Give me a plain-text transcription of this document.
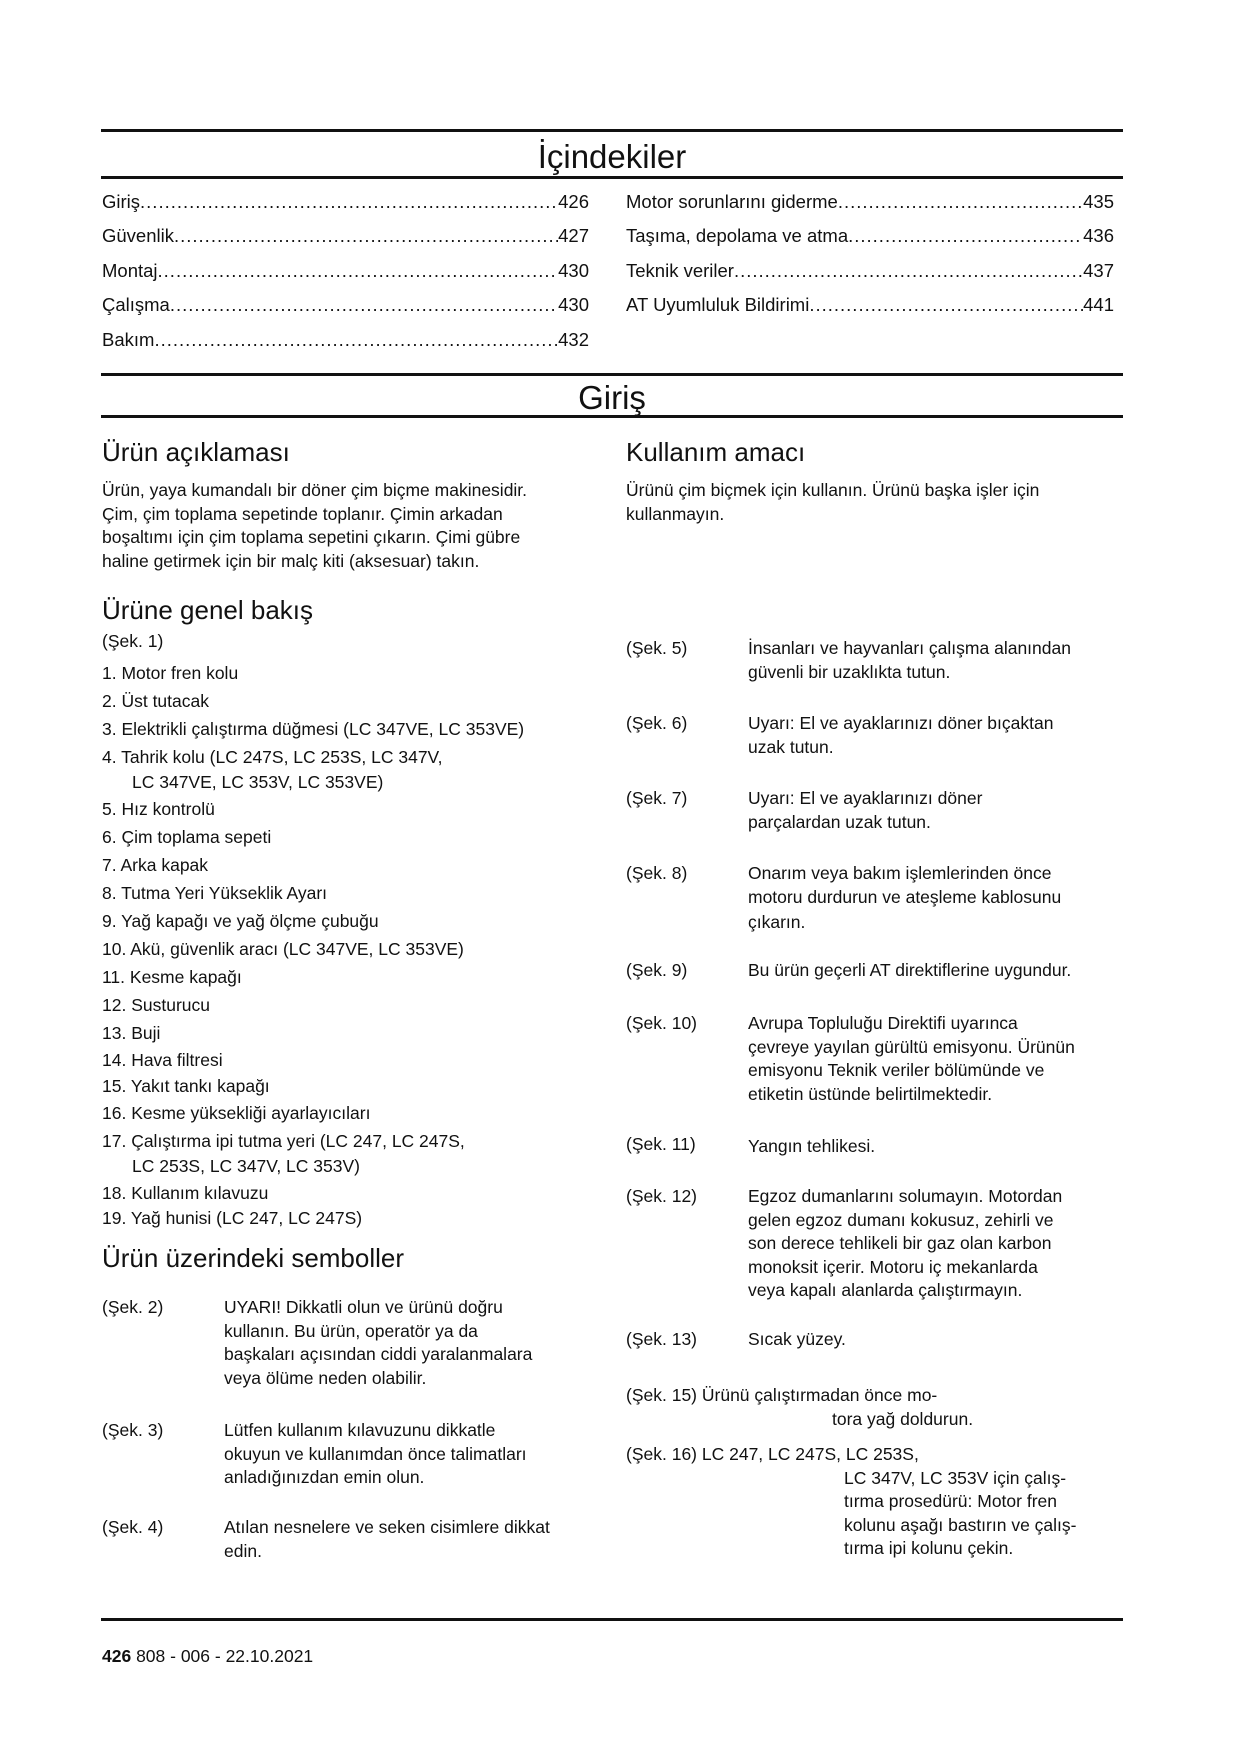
İçindekiler
Giriş .....	426
Güvenlik .....	427
Montaj .....	430
Çalışma .....	430
Bakım .....	432
Motor sorunlarını giderme .....	435
Taşıma, depolama ve atma .....	436
Teknik veriler .....	437
AT Uyumluluk Bildirimi .....	441
Giriş
Ürün açıklaması
Ürün, yaya kumandalı bir döner çim biçme makinesidir.
Çim, çim toplama sepetinde toplanır. Çimin arkadan
boşaltımı için çim toplama sepetini çıkarın. Çimi gübre
haline getirmek için bir malç kiti (aksesuar) takın.
Kullanım amacı
Ürünü çim biçmek için kullanın. Ürünü başka işler için
kullanmayın.
Ürüne genel bakış
(Şek. 1)
1. Motor fren kolu
2. Üst tutacak
3. Elektrikli çalıştırma düğmesi (LC 347VE, LC 353VE)
4. Tahrik kolu (LC 247S, LC 253S, LC 347V,
LC 347VE, LC 353V, LC 353VE)
5. Hız kontrolü
6. Çim toplama sepeti
7. Arka kapak
8. Tutma Yeri Yükseklik Ayarı
9. Yağ kapağı ve yağ ölçme çubuğu
10. Akü, güvenlik aracı (LC 347VE, LC 353VE)
11. Kesme kapağı
12. Susturucu
13. Buji
14. Hava filtresi
15. Yakıt tankı kapağı
16. Kesme yüksekliği ayarlayıcıları
17. Çalıştırma ipi tutma yeri (LC 247, LC 247S,
LC 253S, LC 347V, LC 353V)
18. Kullanım kılavuzu
19. Yağ hunisi (LC 247, LC 247S)
Ürün üzerindeki semboller
(Şek. 2)	UYARI! Dikkatli olun ve ürünü doğru
kullanın. Bu ürün, operatör ya da
başkaları açısından ciddi yaralanmalara
veya ölüme neden olabilir.
(Şek. 3)	Lütfen kullanım kılavuzunu dikkatle
okuyun ve kullanımdan önce talimatları
anladığınızdan emin olun.
(Şek. 4)	Atılan nesnelere ve seken cisimlere dikkat
edin.
(Şek. 5)	İnsanları ve hayvanları çalışma alanından
güvenli bir uzaklıkta tutun.
(Şek. 6)	Uyarı: El ve ayaklarınızı döner bıçaktan
uzak tutun.
(Şek. 7)	Uyarı: El ve ayaklarınızı döner
parçalardan uzak tutun.
(Şek. 8)	Onarım veya bakım işlemlerinden önce
motoru durdurun ve ateşleme kablosunu
çıkarın.
(Şek. 9)	Bu ürün geçerli AT direktiflerine uygundur.
(Şek. 10)	Avrupa Topluluğu Direktifi uyarınca
çevreye yayılan gürültü emisyonu. Ürünün
emisyonu Teknik veriler bölümünde ve
etiketin üstünde belirtilmektedir.
(Şek. 11)	Yangın tehlikesi.
(Şek. 12)	Egzoz dumanlarını solumayın. Motordan
gelen egzoz dumanı kokusuz, zehirli ve
son derece tehlikeli bir gaz olan karbon
monoksit içerir. Motoru iç mekanlarda
veya kapalı alanlarda çalıştırmayın.
(Şek. 13)	Sıcak yüzey.
(Şek. 15) Ürünü çalıştırmadan önce mo-
tora yağ doldurun.
(Şek. 16) LC 247, LC 247S, LC 253S,
LC 347V, LC 353V için çalış-
tırma prosedürü: Motor fren
kolunu aşağı bastırın ve çalış-
tırma ipi kolunu çekin.
426 808 - 006 - 22.10.2021
